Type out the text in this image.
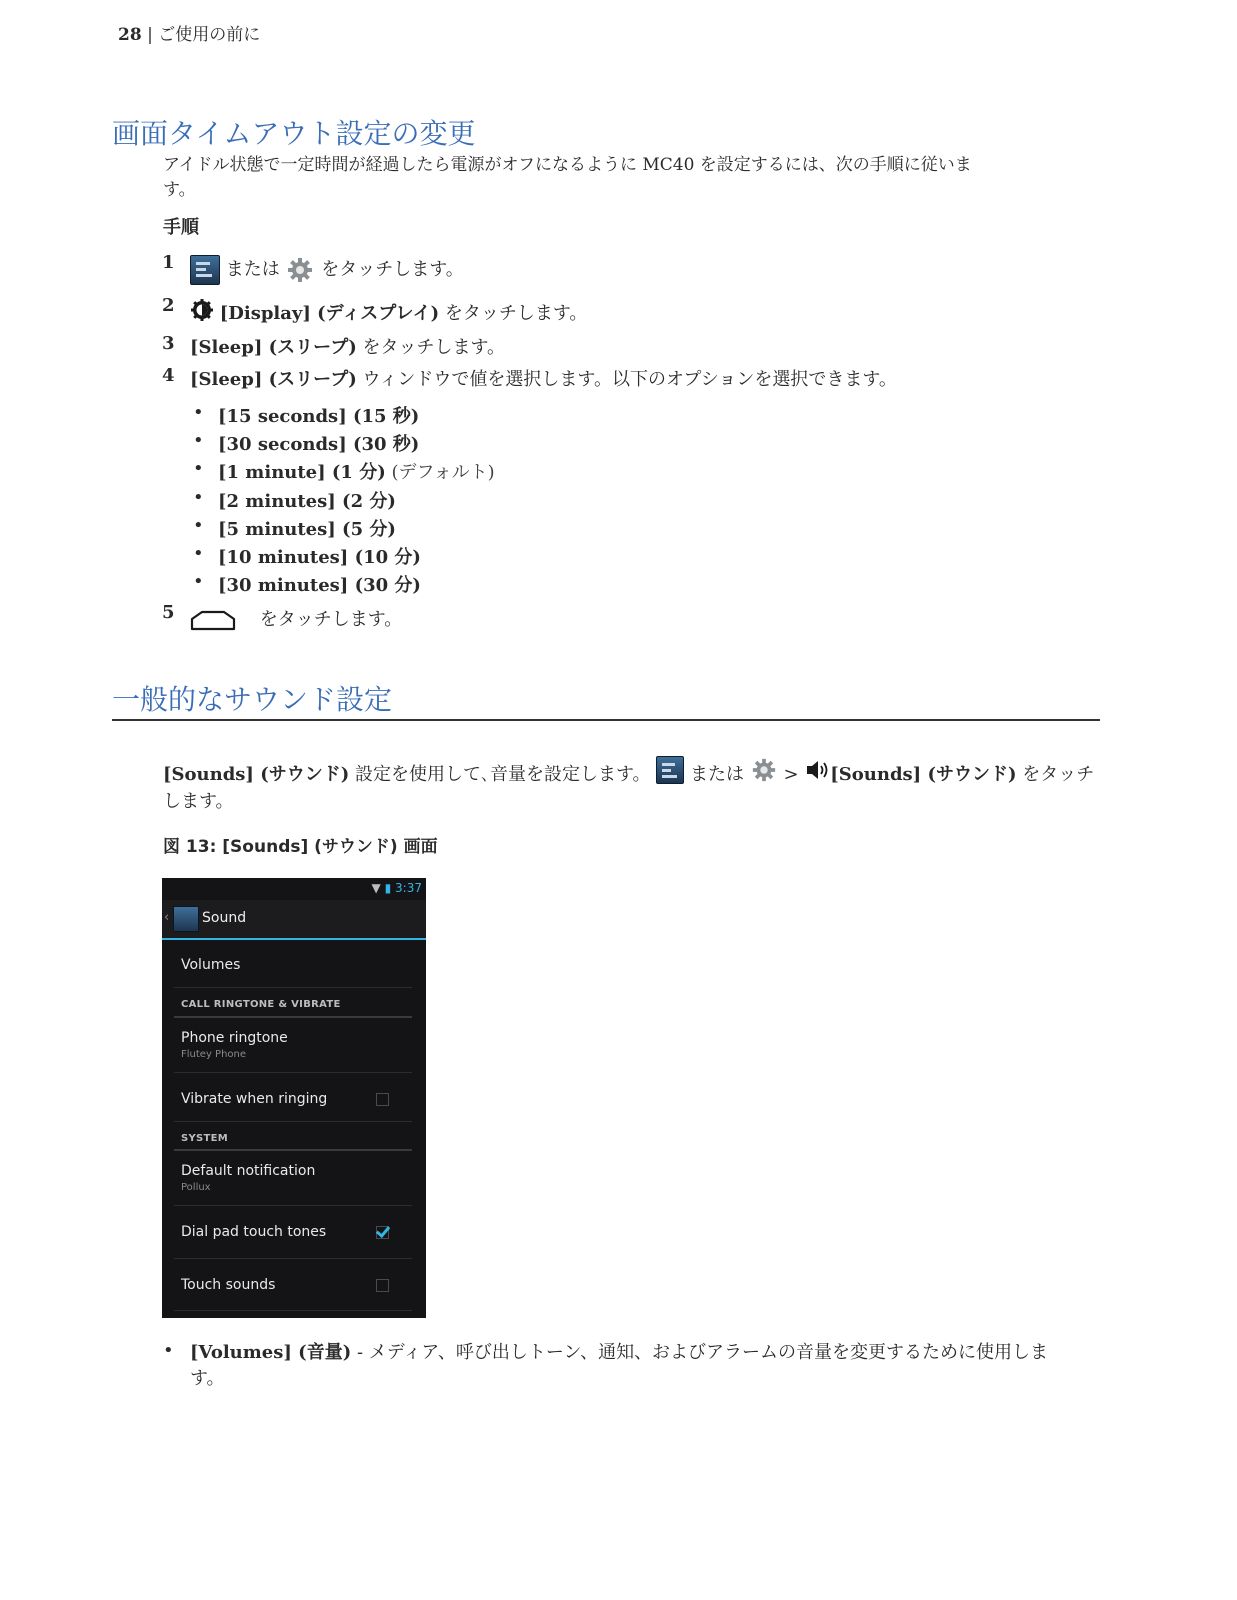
28 | ご使用の前に
画面タイムアウト設定の変更
アイドル状態で一定時間が経過したら電源がオフになるように MC40 を設定するには、次の手順に従いま
す。
手順
1	または をタッチします。
2	[Display] (ディスプレイ) をタッチします。
3 [Sleep] (スリープ) をタッチします。
4 [Sleep] (スリープ) ウィンドウで値を選択します。以下のオプションを選択できます。
• [15 seconds] (15 秒)
• [30 seconds] (30 秒)
• [1 minute] (1 分) (デフォルト)
• [2 minutes] (2 分)
• [5 minutes] (5 分)
• [10 minutes] (10 分)
• [30 minutes] (30 分)
5	をタッチします。
一般的なサウンド設定
[Sounds] (サウンド) 設定を使用して､音量を設定します。
または  > [Sounds] (サウンド) をタッチ
します。
図 13: [Sounds] (サウンド) 画面
▼ ▮ 3:37
‹ Sound
Volumes
CALL RINGTONE & VIBRATE
Phone ringtone
Flutey Phone
Vibrate when ringing
SYSTEM
Default notification
Pollux
Dial pad touch tones
Touch sounds
• [Volumes] (音量) - メディア、呼び出しトーン、通知、およびアラームの音量を変更するために使用しま
す。
